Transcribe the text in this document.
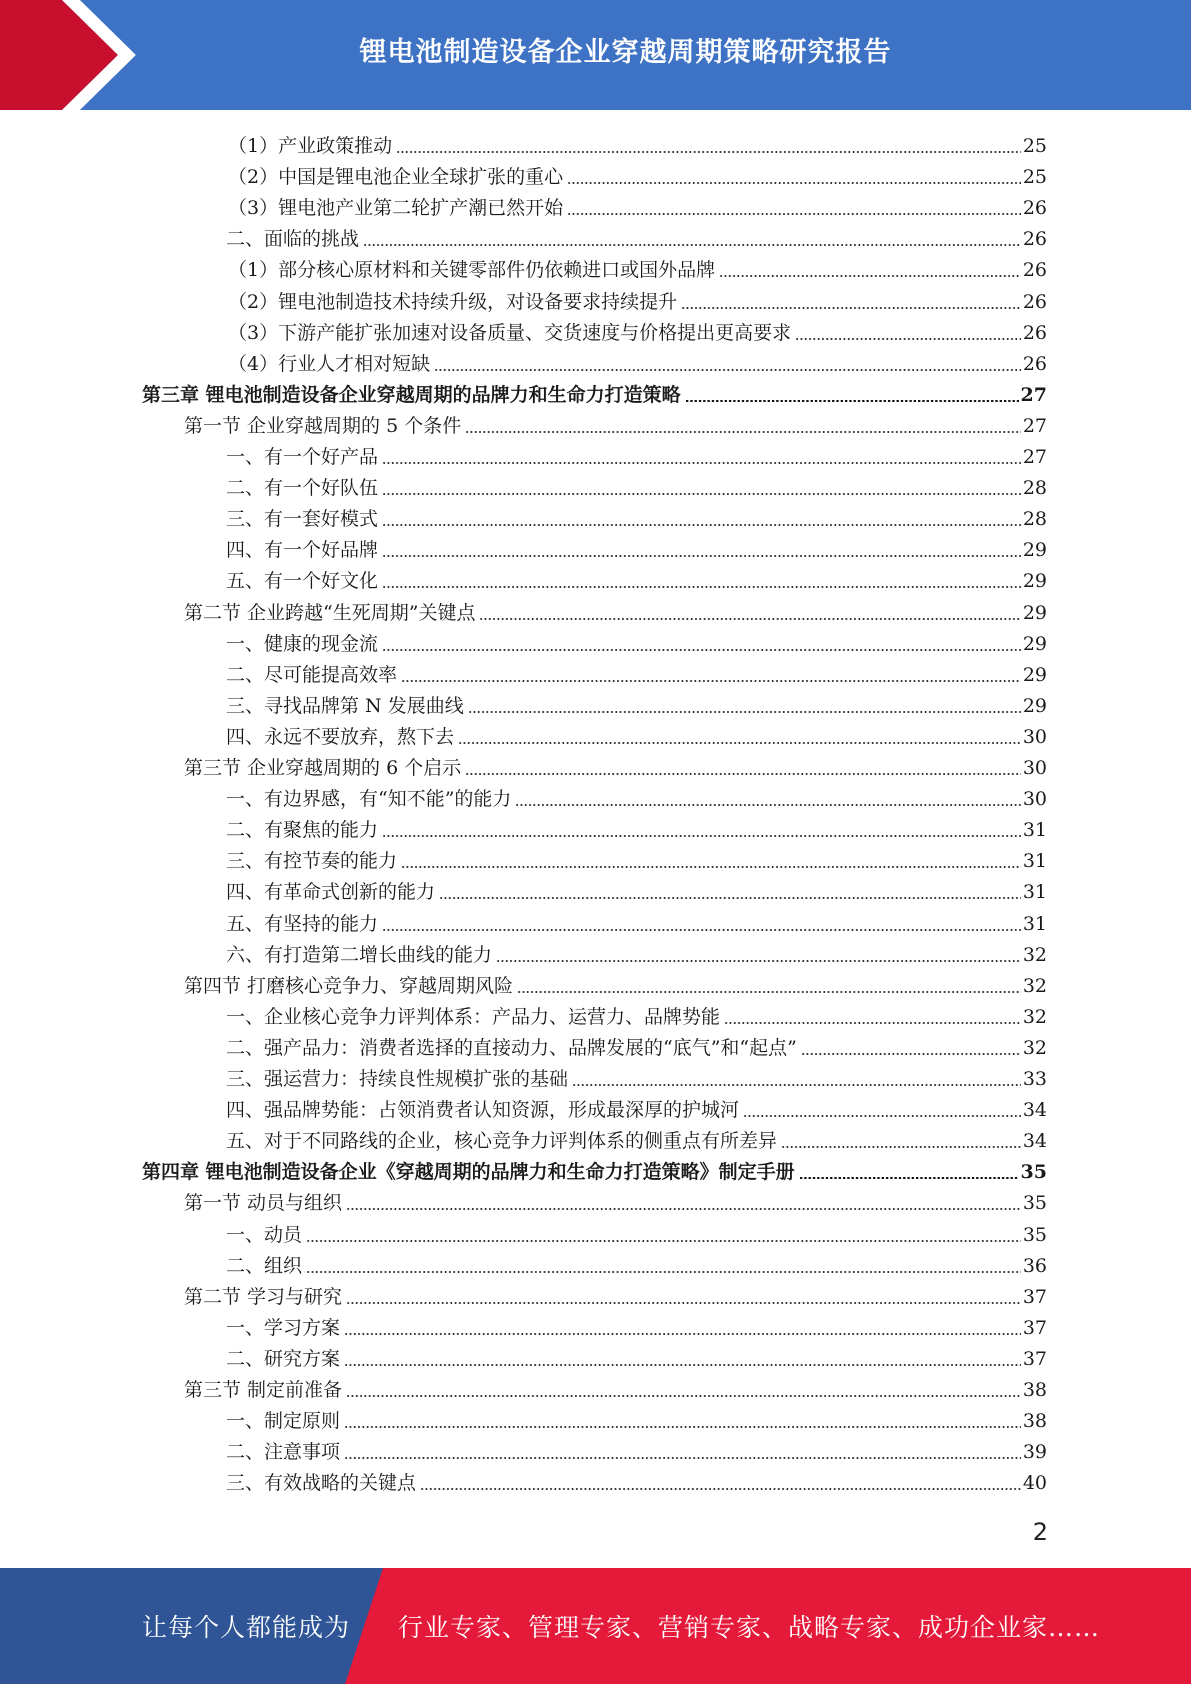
锂电池制造设备企业穿越周期策略研究报告
（1）产业政策推动	25
（2）中国是锂电池企业全球扩张的重心	25
（3）锂电池产业第二轮扩产潮已然开始	26
二、面临的挑战	26
（1）部分核心原材料和关键零部件仍依赖进口或国外品牌	26
（2）锂电池制造技术持续升级，对设备要求持续提升	26
（3）下游产能扩张加速对设备质量、交货速度与价格提出更高要求	26
（4）行业人才相对短缺	26
第三章 锂电池制造设备企业穿越周期的品牌力和生命力打造策略	27
第一节 企业穿越周期的 5 个条件	27
一、有一个好产品	27
二、有一个好队伍	28
三、有一套好模式	28
四、有一个好品牌	29
五、有一个好文化	29
第二节 企业跨越“生死周期”关键点	29
一、健康的现金流	29
二、尽可能提高效率	29
三、寻找品牌第 N 发展曲线	29
四、永远不要放弃，熬下去	30
第三节 企业穿越周期的 6 个启示	30
一、有边界感，有“知不能”的能力	30
二、有聚焦的能力	31
三、有控节奏的能力	31
四、有革命式创新的能力	31
五、有坚持的能力	31
六、有打造第二增长曲线的能力	32
第四节 打磨核心竞争力、穿越周期风险	32
一、企业核心竞争力评判体系：产品力、运营力、品牌势能	32
二、强产品力：消费者选择的直接动力、品牌发展的“底气”和“起点”	32
三、强运营力：持续良性规模扩张的基础	33
四、强品牌势能：占领消费者认知资源，形成最深厚的护城河	34
五、对于不同路线的企业，核心竞争力评判体系的侧重点有所差异	34
第四章 锂电池制造设备企业《穿越周期的品牌力和生命力打造策略》制定手册	35
第一节 动员与组织	35
一、动员	35
二、组织	36
第二节 学习与研究	37
一、学习方案	37
二、研究方案	37
第三节 制定前准备	38
一、制定原则	38
二、注意事项	39
三、有效战略的关键点	40
2
让每个人都能成为 行业专家、管理专家、营销专家、战略专家、成功企业家……
